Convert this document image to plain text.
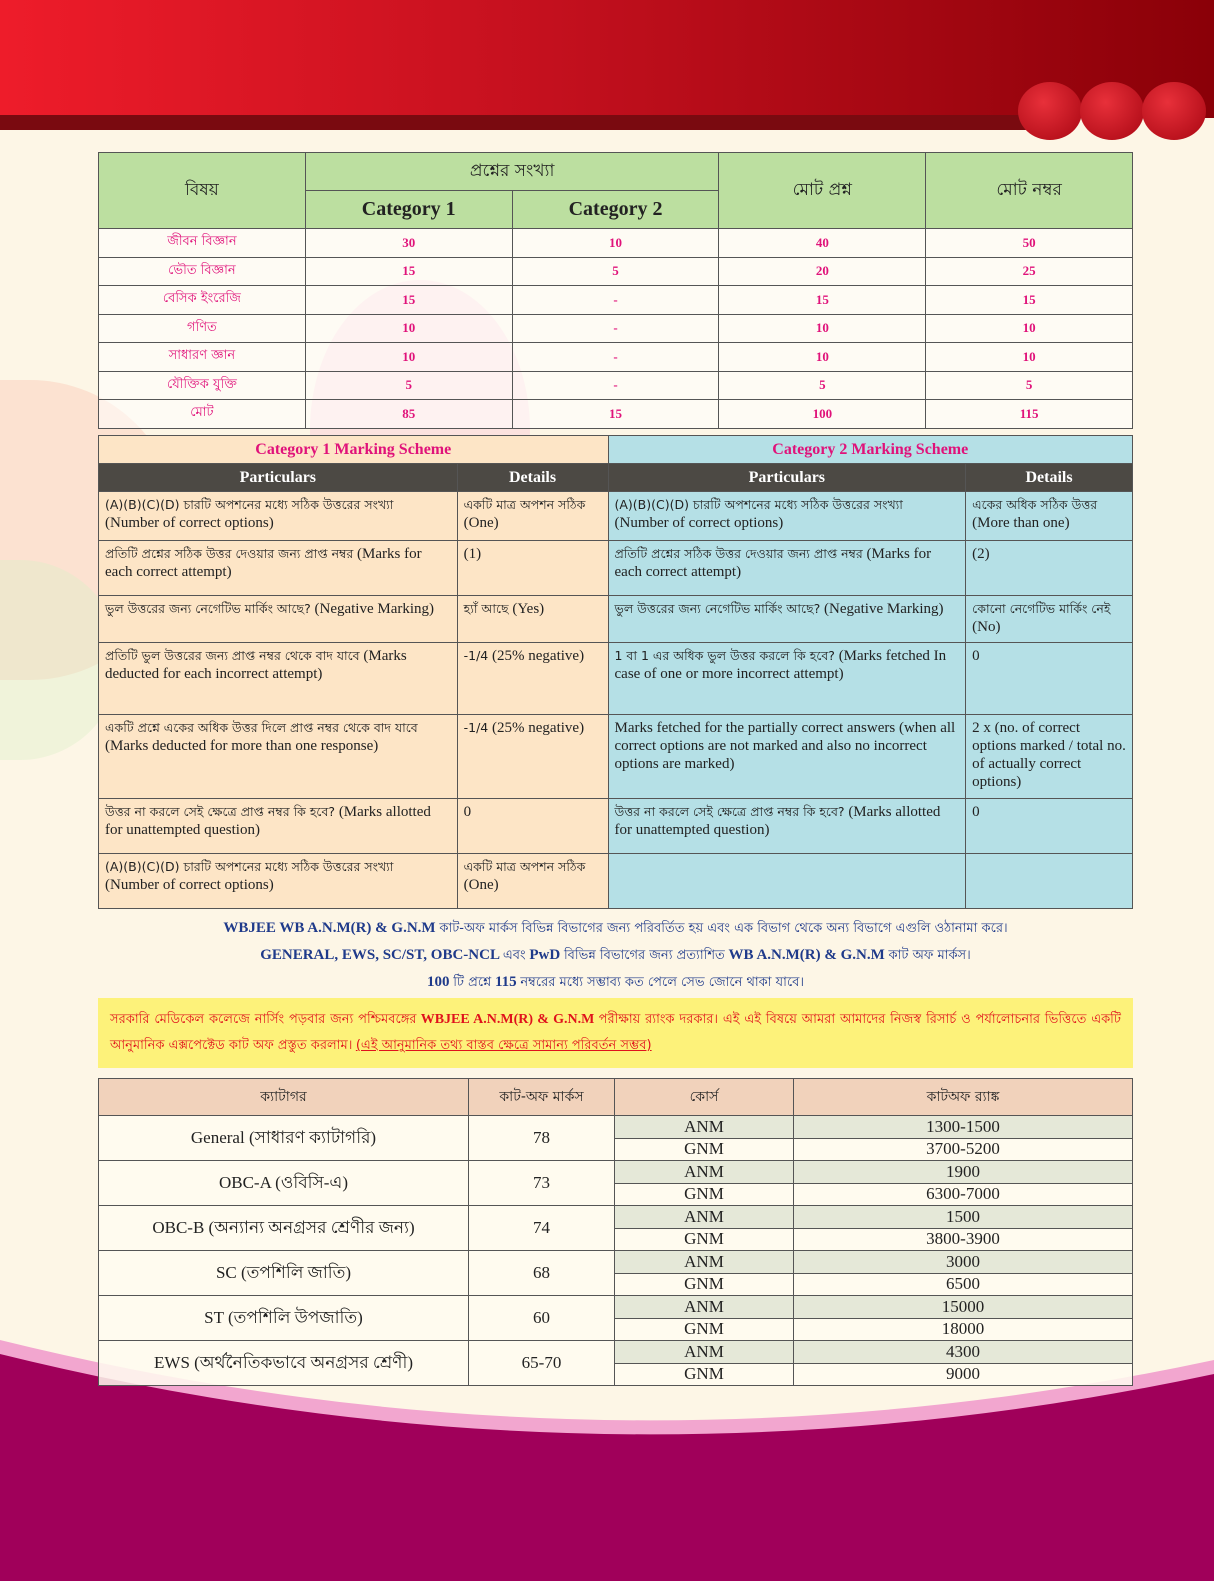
বিষয়	প্রশ্নের সংখ্যা		মোট প্রশ্ন	মোট নম্বর
	Category 1	Category 2		
জীবন বিজ্ঞান	30	10	40	50
ভৌত বিজ্ঞান	15	5	20	25
বেসিক ইংরেজি	15	-	15	15
গণিত	10	-	10	10
সাধারণ জ্ঞান	10	-	10	10
যৌক্তিক যুক্তি	5	-	5	5
মোট	85	15	100	115
Category 1 Marking Scheme		Category 2 Marking Scheme	
Particulars	Details	Particulars	Details
(A)(B)(C)(D) চারটি অপশনের মধ্যে সঠিক উত্তরের সংখ্যা (Number of correct options)	একটি মাত্র অপশন সঠিক (One)	(A)(B)(C)(D) চারটি অপশনের মধ্যে সঠিক উত্তরের সংখ্যা (Number of correct options)	একের অধিক সঠিক উত্তর (More than one)
প্রতিটি প্রশ্নের সঠিক উত্তর দেওয়ার জন্য প্রাপ্ত নম্বর (Marks for each correct attempt)	(1)	প্রতিটি প্রশ্নের সঠিক উত্তর দেওয়ার জন্য প্রাপ্ত নম্বর (Marks for each correct attempt)	(2)
ভুল উত্তরের জন্য নেগেটিভ মার্কিং আছে? (Negative Marking)	হ্যাঁ আছে (Yes)	ভুল উত্তরের জন্য নেগেটিভ মার্কিং আছে? (Negative Marking)	কোনো নেগেটিভ মার্কিং নেই (No)
প্রতিটি ভুল উত্তরের জন্য প্রাপ্ত নম্বর থেকে বাদ যাবে (Marks deducted for each incorrect attempt)	-1/4 (25% negative)	1 বা 1 এর অধিক ভুল উত্তর করলে কি হবে? (Marks fetched In case of one or more incorrect attempt)	0
একটি প্রশ্নে একের অধিক উত্তর দিলে প্রাপ্ত নম্বর থেকে বাদ যাবে (Marks deducted for more than one response)	-1/4 (25% negative)	Marks fetched for the partially correct answers (when all correct options are not marked and also no incorrect options are marked)	2 x (no. of correct options marked / total no. of actually correct options)
উত্তর না করলে সেই ক্ষেত্রে প্রাপ্ত নম্বর কি হবে? (Marks allotted for unattempted question)	0	উত্তর না করলে সেই ক্ষেত্রে প্রাপ্ত নম্বর কি হবে? (Marks allotted for unattempted question)	0
(A)(B)(C)(D) চারটি অপশনের মধ্যে সঠিক উত্তরের সংখ্যা (Number of correct options)	একটি মাত্র অপশন সঠিক (One)		
WBJEE WB A.N.M(R) & G.N.M কাট-অফ মার্কস বিভিন্ন বিভাগের জন্য পরিবর্তিত হয় এবং এক বিভাগ থেকে অন্য বিভাগে এগুলি ওঠানামা করে।
GENERAL, EWS, SC/ST, OBC-NCL এবং PwD বিভিন্ন বিভাগের জন্য প্রত্যাশিত WB A.N.M(R) & G.N.M কাট অফ মার্কস।
100 টি প্রশ্নে 115 নম্বরের মধ্যে সম্ভাব্য কত পেলে সেভ জোনে থাকা যাবে।
সরকারি মেডিকেল কলেজে নার্সিং পড়বার জন্য পশ্চিমবঙ্গের WBJEE A.N.M(R) & G.N.M পরীক্ষায় র‍্যাংক দরকার। এই এই বিষয়ে আমরা আমাদের নিজস্ব রিসার্চ ও পর্যালোচনার ভিত্তিতে একটি আনুমানিক এক্সপেক্টেড কাট অফ প্রস্তুত করলাম। (এই আনুমানিক তথ্য বাস্তব ক্ষেত্রে সামান্য পরিবর্তন সম্ভব)
ক্যাটাগর	কাট-অফ মার্কস	কোর্স	কাটঅফ র‍্যাঙ্ক
General (সাধারণ ক্যাটাগরি)	78	ANM	1300-1500
		GNM	3700-5200
OBC-A (ওবিসি-এ)	73	ANM	1900
		GNM	6300-7000
OBC-B (অন্যান্য অনগ্রসর শ্রেণীর জন্য)	74	ANM	1500
		GNM	3800-3900
SC (তপশিলি জাতি)	68	ANM	3000
		GNM	6500
ST (তপশিলি উপজাতি)	60	ANM	15000
		GNM	18000
EWS (অর্থনৈতিকভাবে অনগ্রসর শ্রেণী)	65-70	ANM	4300
		GNM	9000
